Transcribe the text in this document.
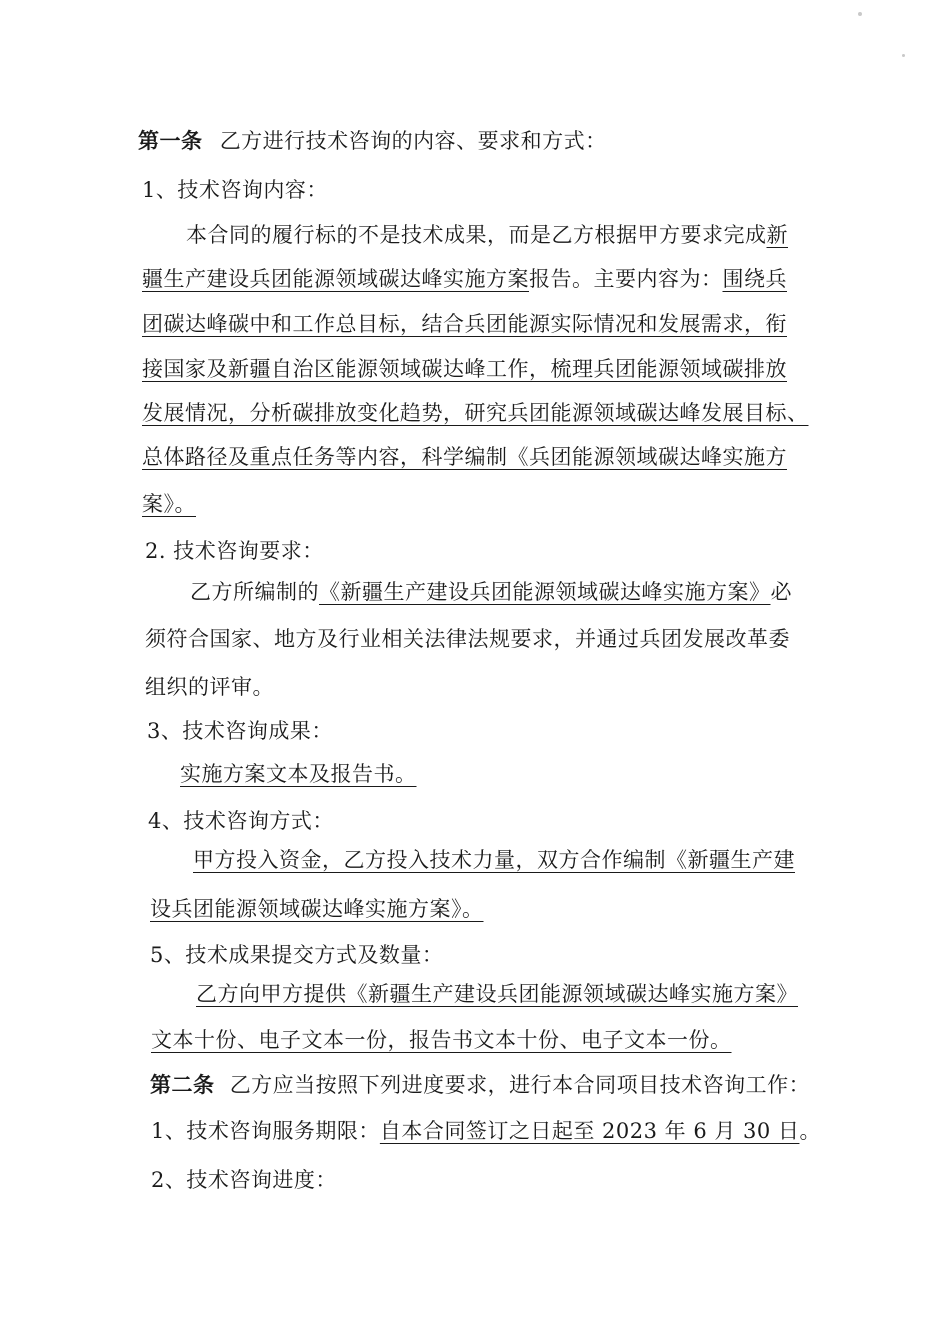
第一条 乙方进行技术咨询的内容、要求和方式：
1、技术咨询内容：
本合同的履行标的不是技术成果，而是乙方根据甲方要求完成新
疆生产建设兵团能源领域碳达峰实施方案报告。主要内容为：围绕兵
团碳达峰碳中和工作总目标，结合兵团能源实际情况和发展需求，衔
接国家及新疆自治区能源领域碳达峰工作，梳理兵团能源领域碳排放
发展情况，分析碳排放变化趋势，研究兵团能源领域碳达峰发展目标、
总体路径及重点任务等内容，科学编制《兵团能源领域碳达峰实施方
案》。
2. 技术咨询要求：
乙方所编制的《新疆生产建设兵团能源领域碳达峰实施方案》必
须符合国家、地方及行业相关法律法规要求，并通过兵团发展改革委
组织的评审。
3、技术咨询成果：
实施方案文本及报告书。
4、技术咨询方式：
甲方投入资金，乙方投入技术力量，双方合作编制《新疆生产建
设兵团能源领域碳达峰实施方案》。
5、技术成果提交方式及数量：
乙方向甲方提供《新疆生产建设兵团能源领域碳达峰实施方案》
文本十份、电子文本一份，报告书文本十份、电子文本一份。
第二条 乙方应当按照下列进度要求，进行本合同项目技术咨询工作：
1、技术咨询服务期限：自本合同签订之日起至 2023 年 6 月 30 日。
2、技术咨询进度：
